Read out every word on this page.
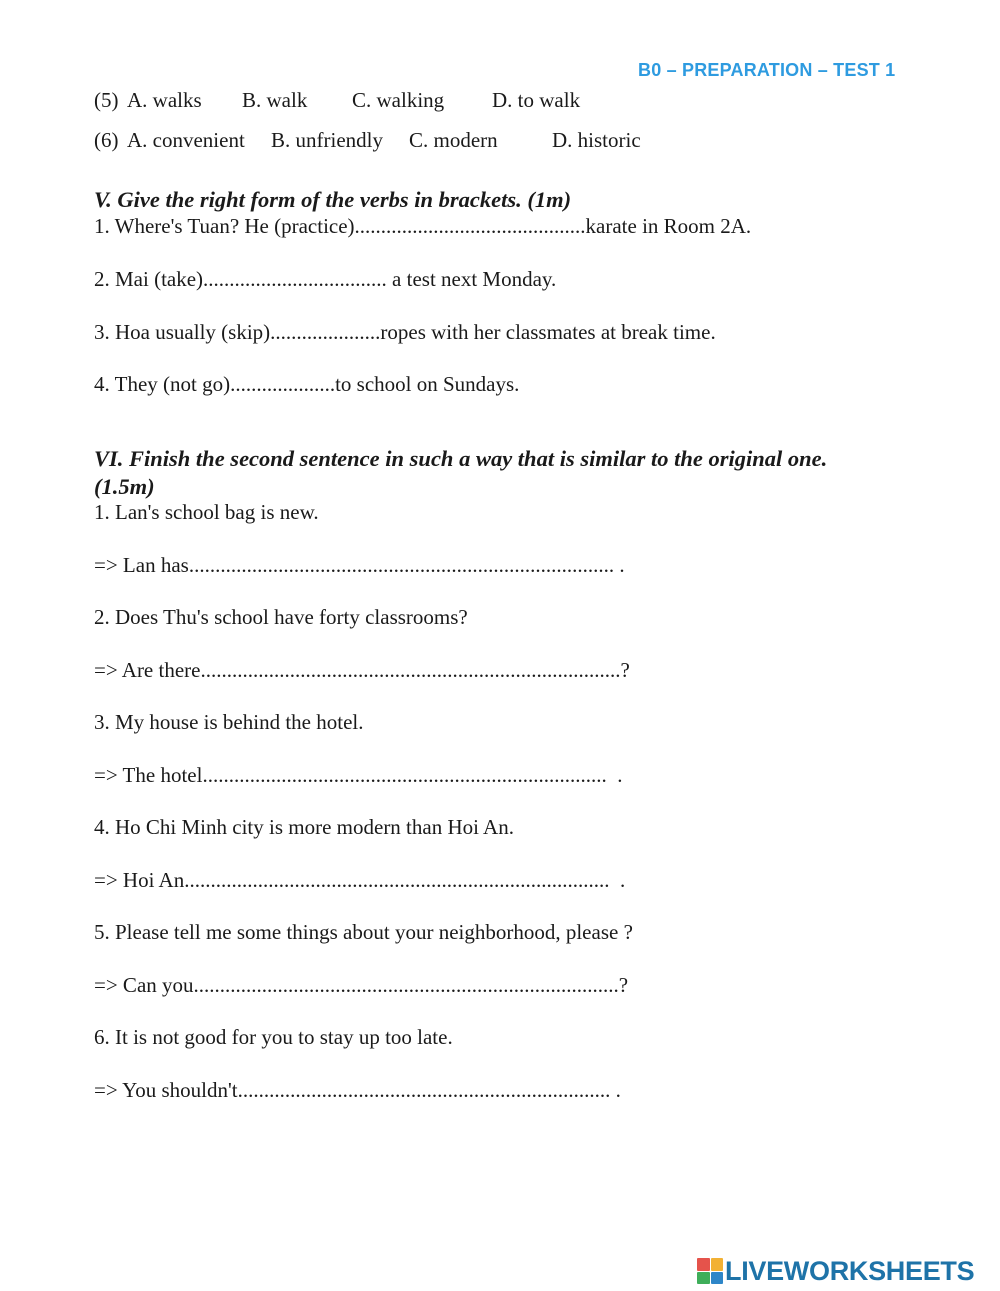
B0 – PREPARATION – TEST 1

(5)

A. walks

B. walk

C. walking

D. to walk

(6)

A. convenient

B. unfriendly

C. modern

	D. historic

V. Give the right form of the verbs in brackets. (1m)
1. Where's Tuan? He (practice)............................................karate in Room 2A.
2. Mai (take)................................... a test next Monday.
3. Hoa usually (skip).....................ropes with her classmates at break time.
4. They (not go)....................to school on Sundays.
VI. Finish the second sentence in such a way that is similar to the original one.
(1.5m)
1. Lan's school bag is new.
=> Lan has................................................................................. .
2. Does Thu's school have forty classrooms?
=> Are there................................................................................?
3. My house is behind the hotel.
=> The hotel.............................................................................  .
4. Ho Chi Minh city is more modern than Hoi An.
=> Hoi An.................................................................................  .
5. Please tell me some things about your neighborhood, please ?
=> Can you.................................................................................?
6. It is not good for you to stay up too late.
=> You shouldn't....................................................................... .
LIVEWORKSHEETS
